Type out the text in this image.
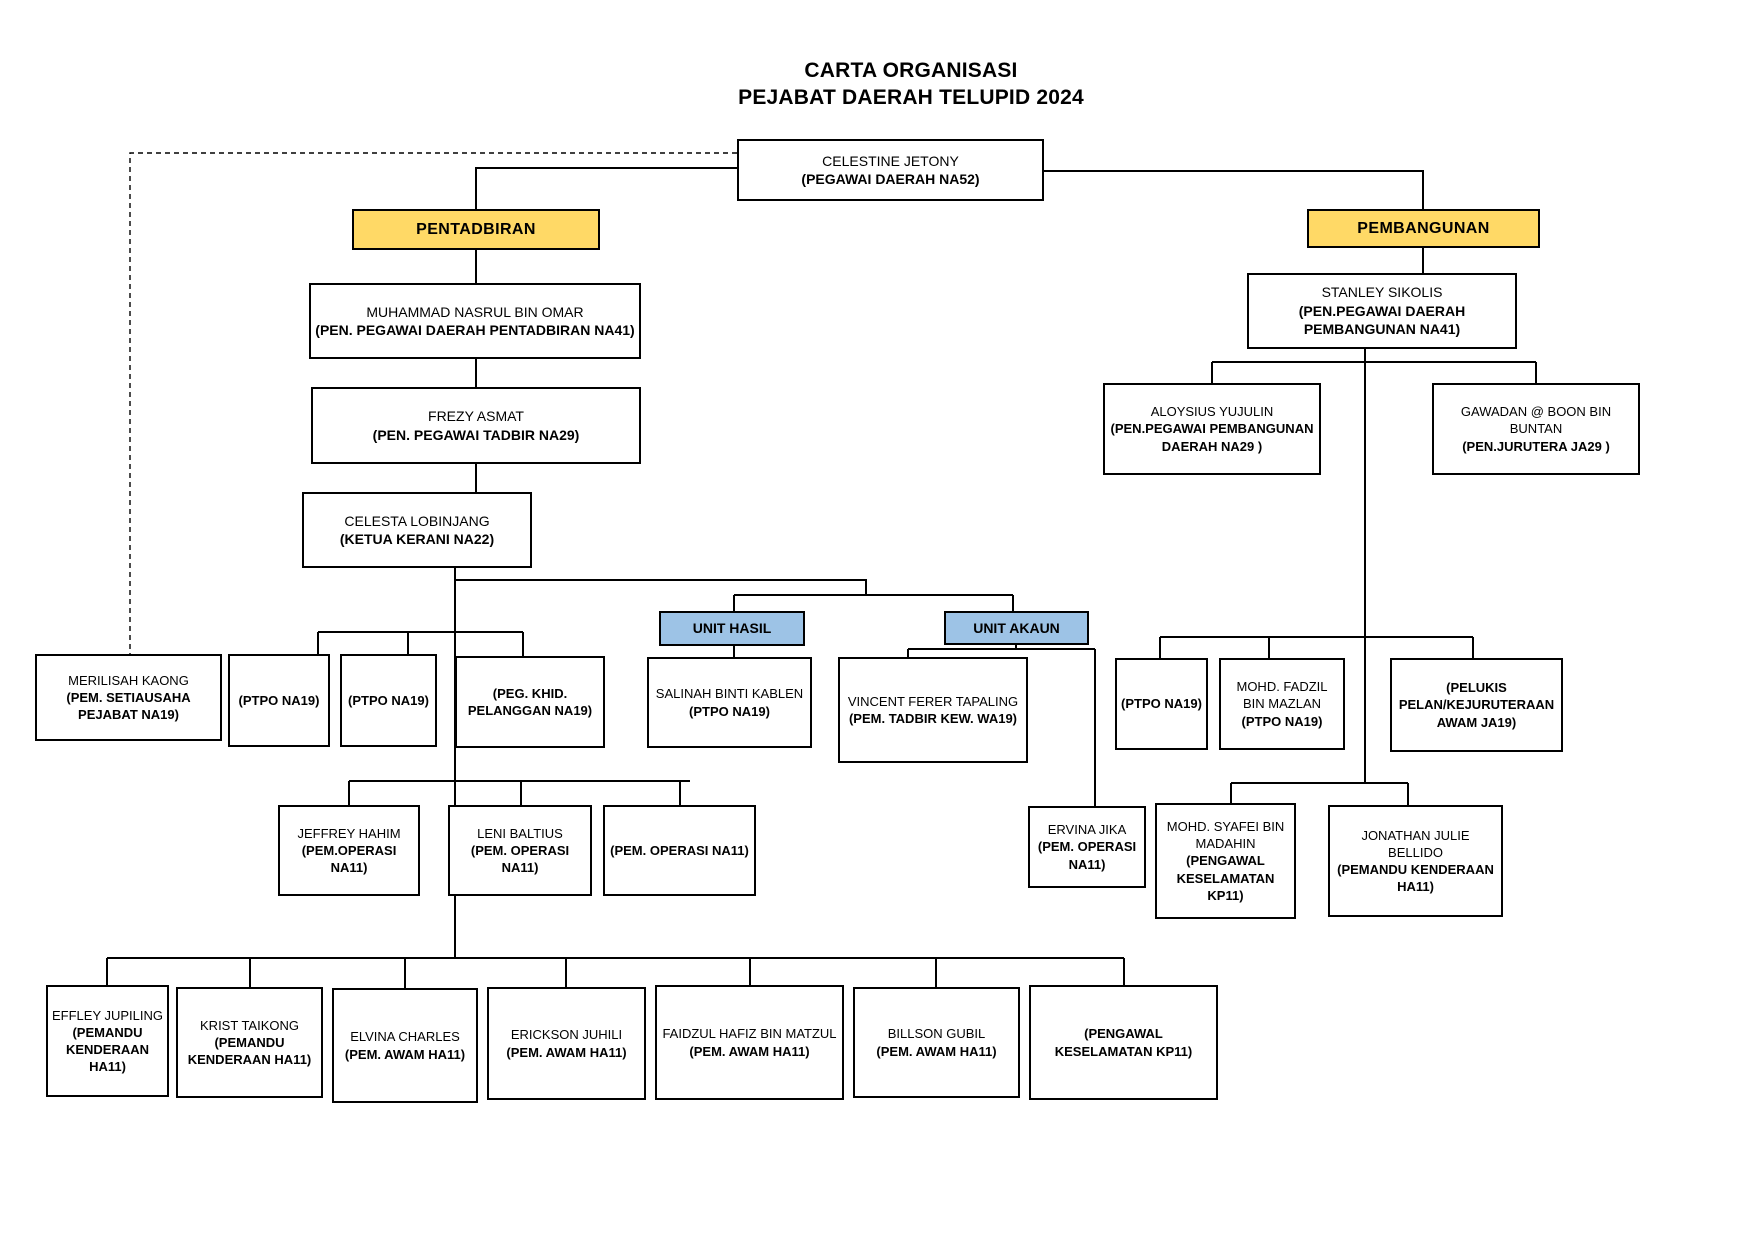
CARTA ORGANISASI
PEJABAT DAERAH TELUPID 2024
CELESTINE JETONY
(PEGAWAI DAERAH NA52)
PENTADBIRAN	PEMBANGUNAN
MUHAMMAD NASRUL BIN OMAR
(PEN. PEGAWAI DAERAH PENTADBIRAN NA41)
FREZY ASMAT
(PEN. PEGAWAI TADBIR NA29)
CELESTA LOBINJANG
(KETUA KERANI NA22)
STANLEY SIKOLIS
(PEN.PEGAWAI DAERAH PEMBANGUNAN NA41)
ALOYSIUS YUJULIN
(PEN.PEGAWAI PEMBANGUNAN DAERAH NA29 )
GAWADAN @ BOON BIN BUNTAN
(PEN.JURUTERA JA29 )
MERILISAH KAONG
(PEM. SETIAUSAHA PEJABAT NA19)
(PTPO NA19) (PTPO NA19)	(PEG. KHID. PELANGGAN NA19)
UNIT HASIL	UNIT AKAUN
SALINAH BINTI KABLEN
(PTPO NA19)
VINCENT FERER TAPALING
(PEM. TADBIR KEW. WA19)
(PTPO NA19)
MOHD. FADZIL BIN MAZLAN
(PTPO NA19)
(PELUKIS PELAN/KEJURUTERAAN AWAM JA19)
JEFFREY HAHIM
(PEM.OPERASI NA11)
LENI BALTIUS
(PEM. OPERASI NA11)
(PEM. OPERASI NA11)
ERVINA JIKA
(PEM. OPERASI NA11)
MOHD. SYAFEI BIN MADAHIN
(PENGAWAL KESELAMATAN KP11)
JONATHAN JULIE BELLIDO
(PEMANDU KENDERAAN HA11)
EFFLEY JUPILING
(PEMANDU KENDERAAN HA11)
KRIST TAIKONG
(PEMANDU KENDERAAN HA11)
ELVINA CHARLES
(PEM. AWAM HA11)
ERICKSON JUHILI
(PEM. AWAM HA11)
FAIDZUL HAFIZ BIN MATZUL
(PEM. AWAM HA11)
BILLSON GUBIL
(PEM. AWAM HA11)
(PENGAWAL KESELAMATAN KP11)
